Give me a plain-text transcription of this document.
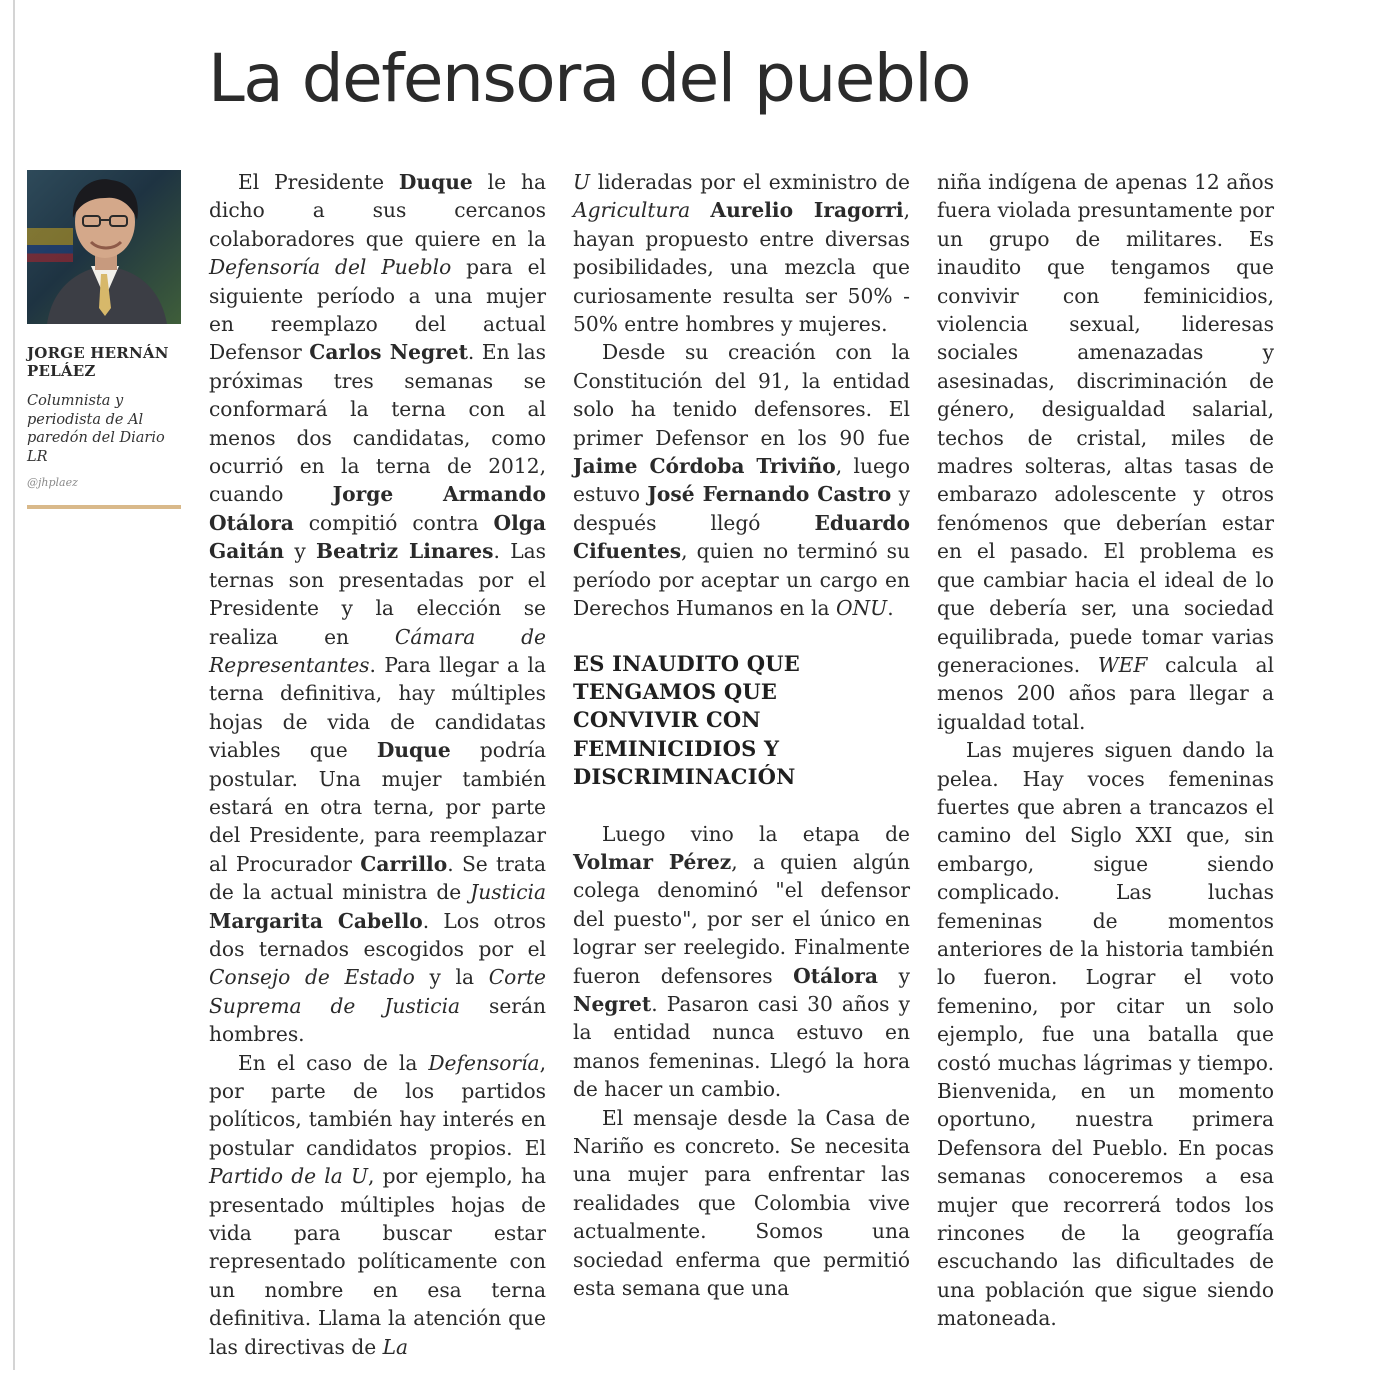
La defensora del pueblo
JORGE HERNÁN PELÁEZ
Columnista y periodista de Al paredón del Diario LR
@jhplaez

El Presidente Duque le ha dicho a sus cercanos colaboradores que quiere en la Defensoría del Pueblo para el siguiente período a una mujer en reemplazo del actual Defensor Carlos Negret. En las próximas tres semanas se conformará la terna con al menos dos candidatas, como ocurrió en la terna de 2012, cuando Jorge Armando Otálora compitió contra Olga Gaitán y Beatriz Linares. Las ternas son presentadas por el Presidente y la elección se realiza en Cámara de Representantes. Para llegar a la terna definitiva, hay múltiples hojas de vida de candidatas viables que Duque podría postular. Una mujer también estará en otra terna, por parte del Presidente, para reemplazar al Procurador Carrillo. Se trata de la actual ministra de Justicia Margarita Cabello. Los otros dos ternados escogidos por el Consejo de Estado y la Corte Suprema de Justicia serán hombres.

En el caso de la Defensoría, por parte de los partidos políticos, también hay interés en postular candidatos propios. El Partido de la U, por ejemplo, ha presentado múltiples hojas de vida para buscar estar representado políticamente con un nombre en esa terna definitiva. Llama la atención que las directivas de La

U lideradas por el exministro de Agricultura Aurelio Iragorri, hayan propuesto entre diversas posibilidades, una mezcla que curiosamente resulta ser 50% - 50% entre hombres y mujeres.

Desde su creación con la Constitución del 91, la entidad solo ha tenido defensores. El primer Defensor en los 90 fue Jaime Córdoba Triviño, luego estuvo José Fernando Castro y después llegó Eduardo Cifuentes, quien no terminó su período por aceptar un cargo en Derechos Humanos en la ONU.

ES INAUDITO QUE TENGAMOS QUE CONVIVIR CON FEMINICIDIOS Y DISCRIMINACIÓN

Luego vino la etapa de Volmar Pérez, a quien algún colega denominó "el defensor del puesto", por ser el único en lograr ser reelegido. Finalmente fueron defensores Otálora y Negret. Pasaron casi 30 años y la entidad nunca estuvo en manos femeninas. Llegó la hora de hacer un cambio.

El mensaje desde la Casa de Nariño es concreto. Se necesita una mujer para enfrentar las realidades que Colombia vive actualmente. Somos una sociedad enferma que permitió esta semana que una

niña indígena de apenas 12 años fuera violada presuntamente por un grupo de militares. Es inaudito que tengamos que convivir con feminicidios, violencia sexual, lideresas sociales amenazadas y asesinadas, discriminación de género, desigualdad salarial, techos de cristal, miles de madres solteras, altas tasas de embarazo adolescente y otros fenómenos que deberían estar en el pasado. El problema es que cambiar hacia el ideal de lo que debería ser, una sociedad equilibrada, puede tomar varias generaciones. WEF calcula al menos 200 años para llegar a igualdad total.

Las mujeres siguen dando la pelea. Hay voces femeninas fuertes que abren a trancazos el camino del Siglo XXI que, sin embargo, sigue siendo complicado. Las luchas femeninas de momentos anteriores de la historia también lo fueron. Lograr el voto femenino, por citar un solo ejemplo, fue una batalla que costó muchas lágrimas y tiempo. Bienvenida, en un momento oportuno, nuestra primera Defensora del Pueblo. En pocas semanas conoceremos a esa mujer que recorrerá todos los rincones de la geografía escuchando las dificultades de una población que sigue siendo matoneada.
